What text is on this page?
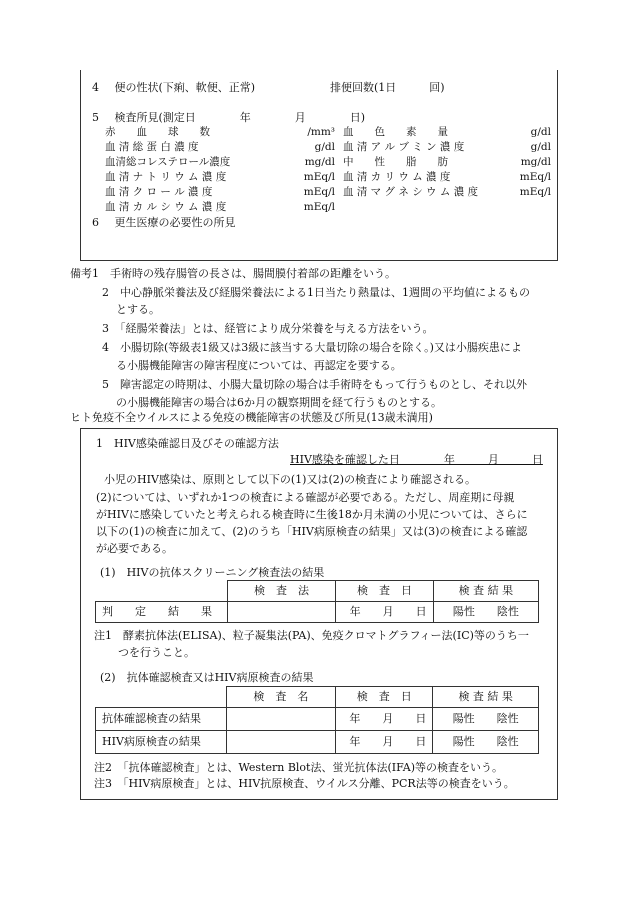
4 便の性状(下痢、軟便、正常)	排便回数(1日　　　回)
5 検査所見(測定日　　　　年　　　　月　　　　日)
赤　　血　　球　　数	/mm³ 血　　色　　素　　量	g/dl
血 清 総 蛋 白 濃 度	g/dl 血 清 ア ル ブ ミ ン 濃 度	g/dl
血清総コレステロール濃度	mg/dl 中　　性　　脂　　肪	mg/dl
血 清 ナ ト リ ウ ム 濃 度	mEq/l 血 清 カ リ ウ ム 濃 度	mEq/l
血 清 ク ロ ー ル 濃 度	mEq/l 血 清 マ グ ネ シ ウ ム 濃 度	mEq/l
血 清 カ ル シ ウ ム 濃 度	mEq/l
6 更生医療の必要性の所見
備考1　手術時の残存腸管の長さは、腸間膜付着部の距離をいう。
2　中心静脈栄養法及び経腸栄養法による1日当たり熱量は、1週間の平均値によるもの
とする。
3　「経腸栄養法」とは、経管により成分栄養を与える方法をいう。
4　小腸切除(等級表1級又は3級に該当する大量切除の場合を除く。)又は小腸疾患によ
る小腸機能障害の障害程度については、再認定を要する。
5　障害認定の時期は、小腸大量切除の場合は手術時をもって行うものとし、それ以外
の小腸機能障害の場合は6か月の観察期間を経て行うものとする。
ヒト免疫不全ウイルスによる免疫の機能障害の状態及び所見(13歳未満用)
1　HIV感染確認日及びその確認方法
HIV感染を確認した日　　　　年　　　月　　　日
小児のHIV感染は、原則として以下の(1)又は(2)の検査により確認される。
(2)については、いずれか1つの検査による確認が必要である。ただし、周産期に母親
がHIVに感染していたと考えられる検査時に生後18か月未満の小児については、さらに
以下の(1)の検査に加えて、(2)のうち「HIV病原検査の結果」又は(3)の検査による確認
が必要である。
(1)　HIVの抗体スクリーニング検査法の結果
	検　査　法	検　査　日	検 査 結 果
判　　定　　結　　果		年　　月　　日	陽性　　陰性
注1　酵素抗体法(ELISA)、粒子凝集法(PA)、免疫クロマトグラフィー法(IC)等のうち一
つを行うこと。
(2)　抗体確認検査又はHIV病原検査の結果
	検　査　名	検　査　日	検 査 結 果
抗体確認検査の結果		年　　月　　日	陽性　　陰性
HIV病原検査の結果		年　　月　　日	陽性　　陰性
注2　「抗体確認検査」とは、Western Blot法、蛍光抗体法(IFA)等の検査をいう。
注3　「HIV病原検査」とは、HIV抗原検査、ウイルス分離、PCR法等の検査をいう。
